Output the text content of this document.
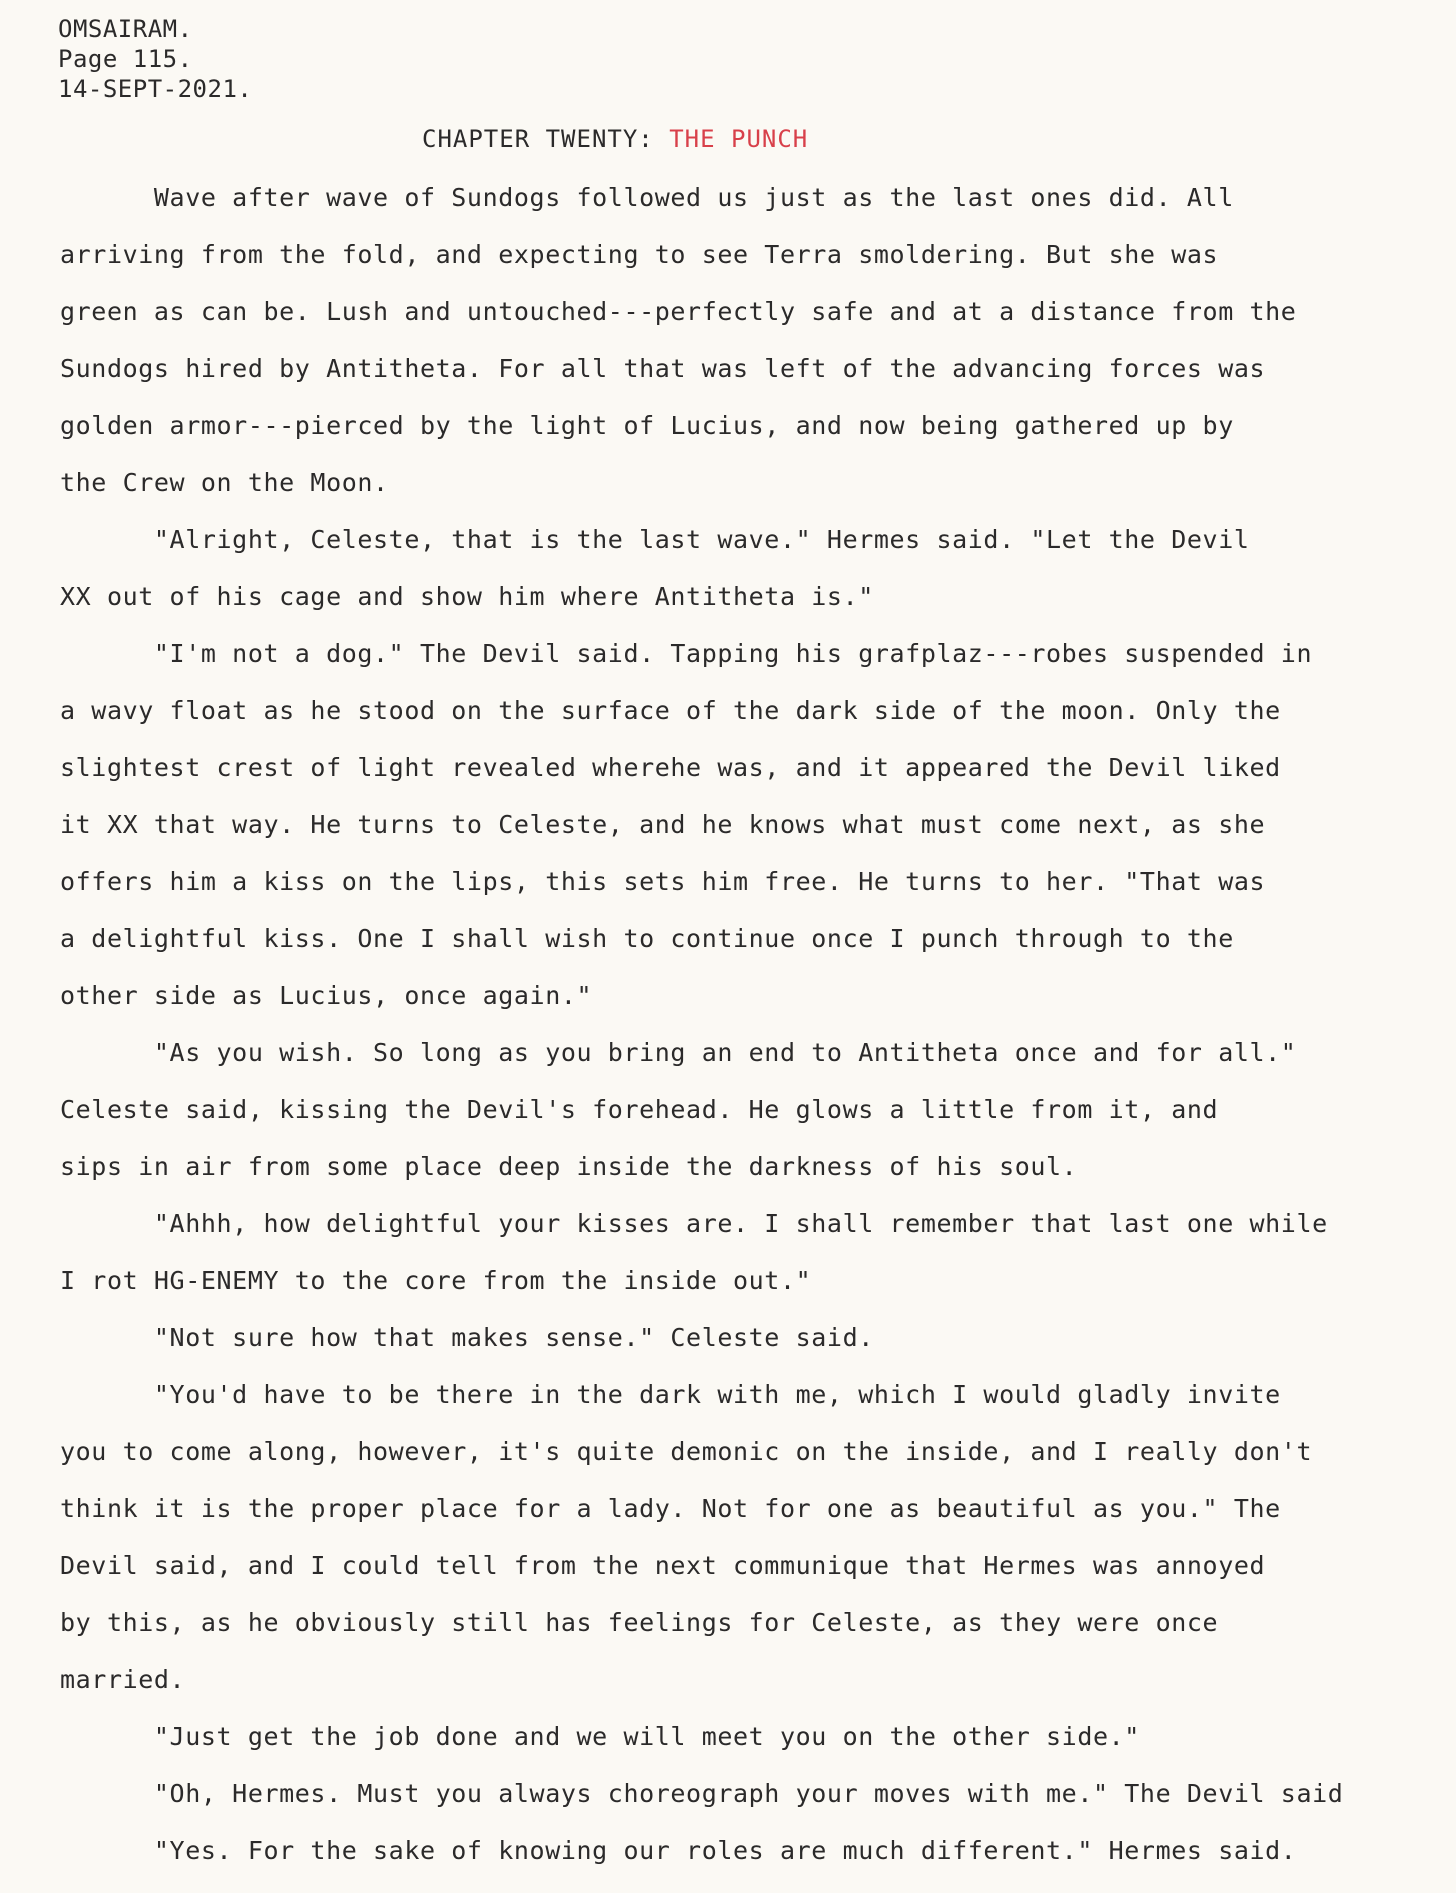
OMSAIRAM.
Page 115.
14-SEPT-2021.
CHAPTER TWENTY: THE PUNCH
Wave after wave of Sundogs followed us just as the last ones did. All
arriving from the fold, and expecting to see Terra smoldering. But she was
green as can be. Lush and untouched---perfectly safe and at a distance from the
Sundogs hired by Antitheta. For all that was left of the advancing forces was
golden armor---pierced by the light of Lucius, and now being gathered up by
the Crew on the Moon.
"Alright, Celeste, that is the last wave." Hermes said. "Let the Devil
XX out of his cage and show him where Antitheta is."
"I'm not a dog." The Devil said. Tapping his grafplaz---robes suspended in
a wavy float as he stood on the surface of the dark side of the moon. Only the
slightest crest of light revealed wherehe was, and it appeared the Devil liked
it XX that way. He turns to Celeste, and he knows what must come next, as she
offers him a kiss on the lips, this sets him free. He turns to her. "That was
a delightful kiss. One I shall wish to continue once I punch through to the
other side as Lucius, once again."
"As you wish. So long as you bring an end to Antitheta once and for all."
Celeste said, kissing the Devil's forehead. He glows a little from it, and
sips in air from some place deep inside the darkness of his soul.
"Ahhh, how delightful your kisses are. I shall remember that last one while
I rot HG-ENEMY to the core from the inside out."
"Not sure how that makes sense." Celeste said.
"You'd have to be there in the dark with me, which I would gladly invite
you to come along, however, it's quite demonic on the inside, and I really don't
think it is the proper place for a lady. Not for one as beautiful as you." The
Devil said, and I could tell from the next communique that Hermes was annoyed
by this, as he obviously still has feelings for Celeste, as they were once
married.
"Just get the job done and we will meet you on the other side."
"Oh, Hermes. Must you always choreograph your moves with me." The Devil said
"Yes. For the sake of knowing our roles are much different." Hermes said.
